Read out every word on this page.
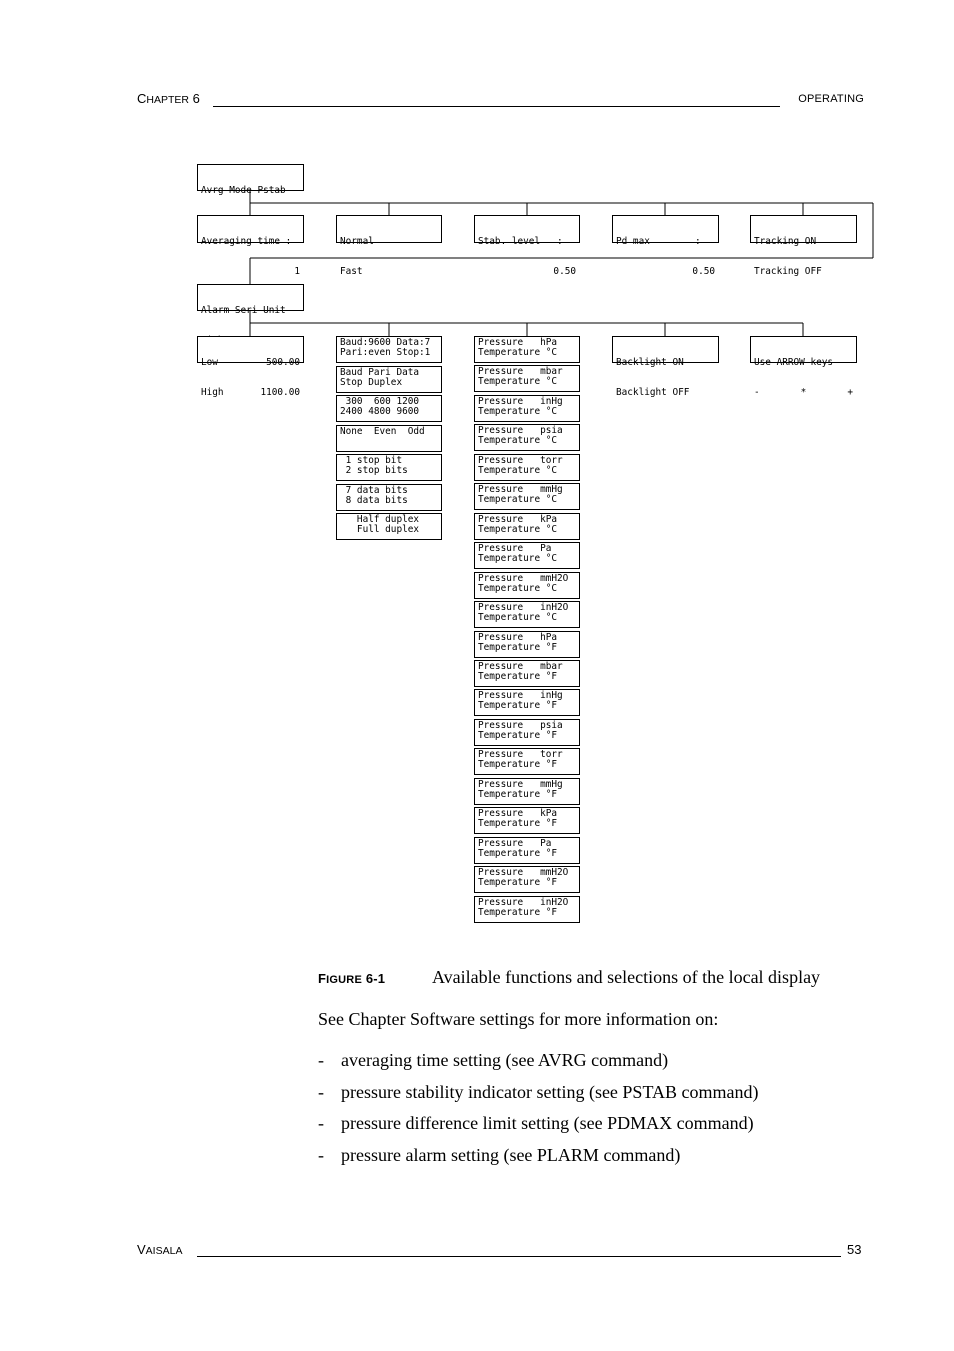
CHAPTER 6	OPERATING

Avrg Mode Pstab

Averaging time :

1

Normal

Fast

Stab. level   :

0.50

Pd max        :

0.50

Tracking ON

Tracking OFF

Alarm Seri Unit

Low	500.00

High	1100.00

Baud:9600 Data:7
Pari:even Stop:1
Baud Pari Data
Stop Duplex
300  600 1200
2400 4800 9600
None  Even  Odd
1 stop bit
2 stop bits
7 data bits
8 data bits
Half duplex
Full duplex
Pressure   hPa
Temperature °C
Pressure   mbar
Temperature °C
Pressure   inHg
Temperature °C
Pressure   psia
Temperature °C
Pressure   torr
Temperature °C
Pressure   mmHg
Temperature °C
Pressure   kPa
Temperature °C
Pressure   Pa
Temperature °C
Pressure   mmH2O
Temperature °C
Pressure   inH2O
Temperature °C
Pressure   hPa
Temperature °F
Pressure   mbar
Temperature °F
Pressure   inHg
Temperature °F
Pressure   psia
Temperature °F
Pressure   torr
Temperature °F
Pressure   mmHg
Temperature °F
Pressure   kPa
Temperature °F
Pressure   Pa
Temperature °F
Pressure   mmH2O
Temperature °F
Pressure   inH2O
Temperature °F

Backlight ON

Backlight OFF

Use ARROW keys

-	*	+

FIGURE 6-1	Available functions and selections of the local display
See Chapter Software settings for more information on:
- averaging time setting (see AVRG command)
- pressure stability indicator setting (see PSTAB command)
- pressure difference limit setting (see PDMAX command)
- pressure alarm setting (see PLARM command)
VAISALA	53
